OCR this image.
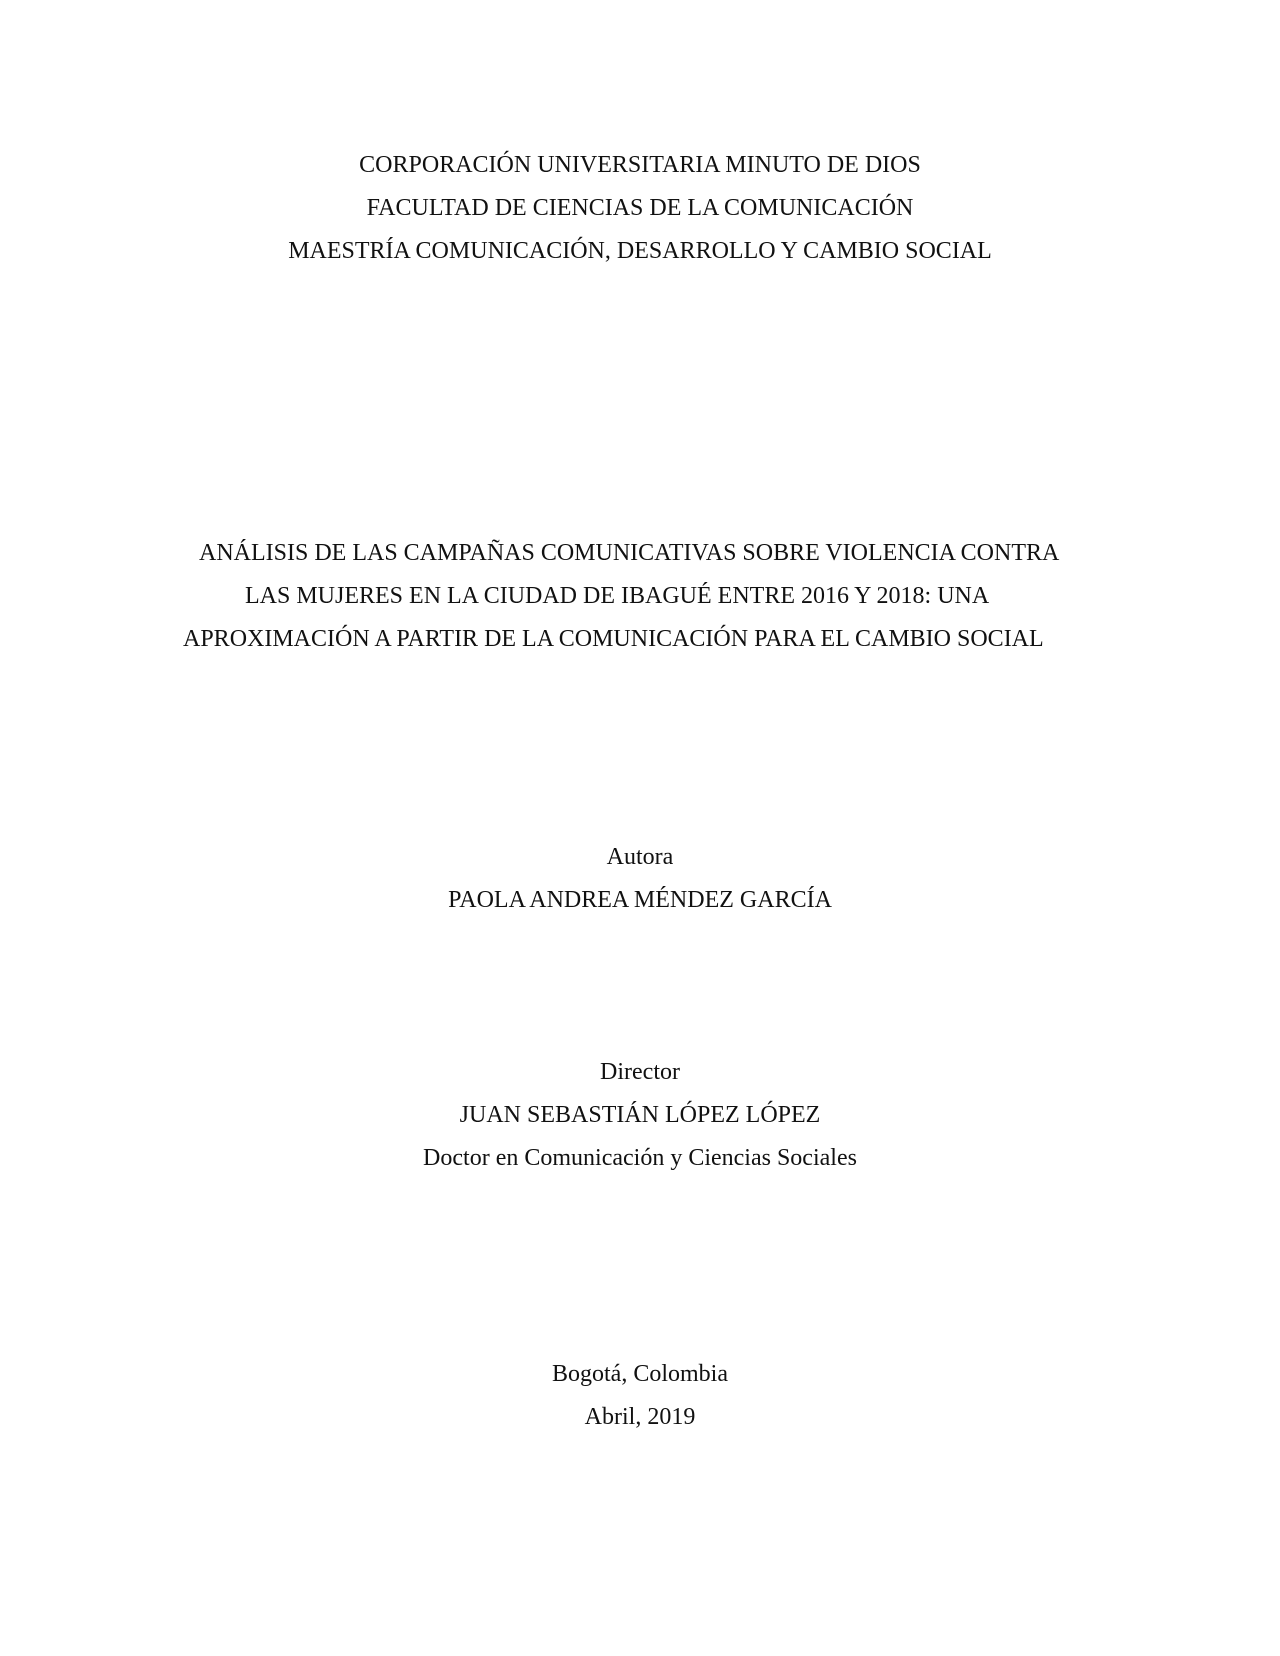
CORPORACIÓN UNIVERSITARIA MINUTO DE DIOS
FACULTAD DE CIENCIAS DE LA COMUNICACIÓN
MAESTRÍA COMUNICACIÓN, DESARROLLO Y CAMBIO SOCIAL
ANÁLISIS DE LAS CAMPAÑAS COMUNICATIVAS SOBRE VIOLENCIA CONTRA
LAS MUJERES EN LA CIUDAD DE IBAGUÉ ENTRE 2016 Y 2018: UNA
APROXIMACIÓN A PARTIR DE LA COMUNICACIÓN PARA EL CAMBIO SOCIAL
Autora
PAOLA ANDREA MÉNDEZ GARCÍA
Director
JUAN SEBASTIÁN LÓPEZ LÓPEZ
Doctor en Comunicación y Ciencias Sociales
Bogotá, Colombia
Abril, 2019
